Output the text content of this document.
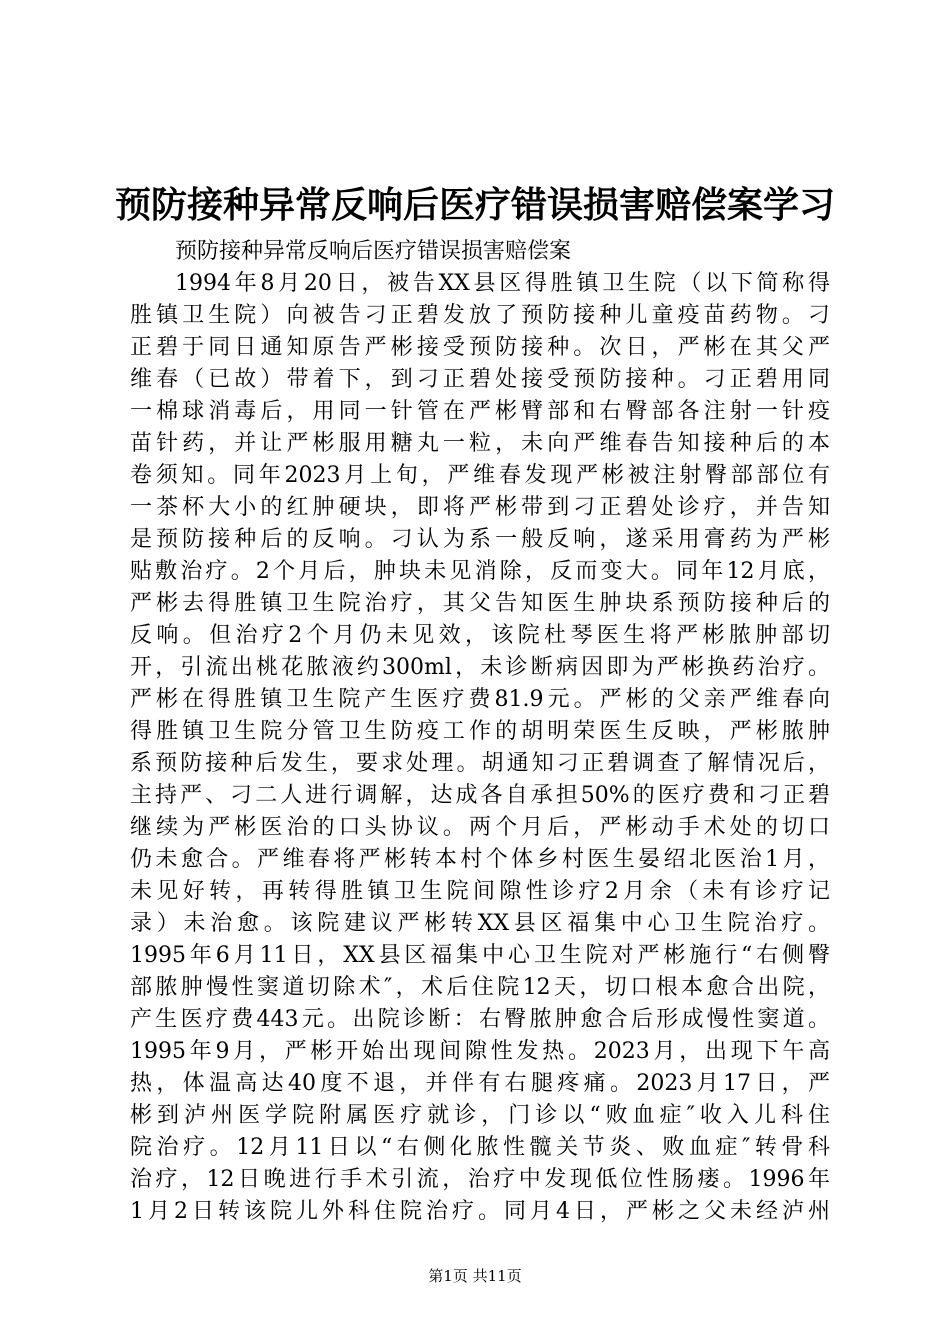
预防接种异常反响后医疗错误损害赔偿案学习
预防接种异常反响后医疗错误损害赔偿案
1994年8月20日，被告XX县区得胜镇卫生院（以下简称得
胜镇卫生院）向被告刁正碧发放了预防接种儿童疫苗药物。刁
正碧于同日通知原告严彬接受预防接种。次日，严彬在其父严
维春（已故）带着下，到刁正碧处接受预防接种。刁正碧用同
一棉球消毒后，用同一针管在严彬臂部和右臀部各注射一针疫
苗针药，并让严彬服用糖丸一粒，未向严维春告知接种后的本
卷须知。同年2023月上旬，严维春发现严彬被注射臀部部位有
一茶杯大小的红肿硬块，即将严彬带到刁正碧处诊疗，并告知
是预防接种后的反响。刁认为系一般反响，遂采用膏药为严彬
贴敷治疗。2个月后，肿块未见消除，反而变大。同年12月底，
严彬去得胜镇卫生院治疗，其父告知医生肿块系预防接种后的
反响。但治疗2个月仍未见效，该院杜琴医生将严彬脓肿部切
开，引流出桃花脓液约300ml，未诊断病因即为严彬换药治疗。
严彬在得胜镇卫生院产生医疗费81.9元。严彬的父亲严维春向
得胜镇卫生院分管卫生防疫工作的胡明荣医生反映，严彬脓肿
系预防接种后发生，要求处理。胡通知刁正碧调查了解情况后，
主持严、刁二人进行调解，达成各自承担50%的医疗费和刁正碧
继续为严彬医治的口头协议。两个月后，严彬动手术处的切口
仍未愈合。严维春将严彬转本村个体乡村医生晏绍北医治1月，
未见好转，再转得胜镇卫生院间隙性诊疗2月余（未有诊疗记
录）未治愈。该院建议严彬转XX县区福集中心卫生院治疗。
1995年6月11日，XX县区福集中心卫生院对严彬施行“右侧臀
部脓肿慢性窦道切除术″，术后住院12天，切口根本愈合出院，
产生医疗费443元。出院诊断：右臀脓肿愈合后形成慢性窦道。
1995年9月，严彬开始出现间隙性发热。2023月，出现下午高
热，体温高达40度不退，并伴有右腿疼痛。2023月17日，严
彬到泸州医学院附属医疗就诊，门诊以“败血症″收入儿科住
院治疗。12月11日以“右侧化脓性髋关节炎、败血症″转骨科
治疗，12日晚进行手术引流，治疗中发现低位性肠瘘。1996年
1月2日转该院儿外科住院治疗。同月4日，严彬之父未经泸州
第1页 共11页
